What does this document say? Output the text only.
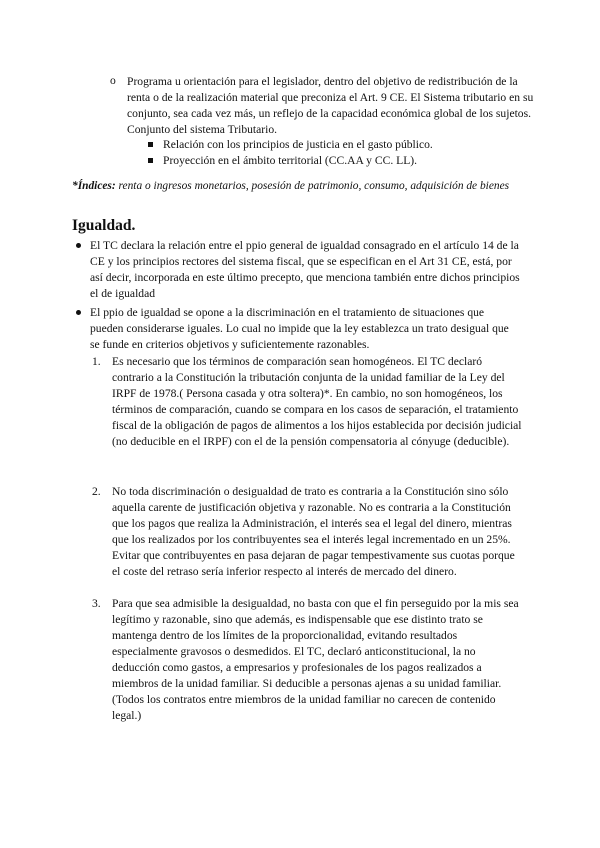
o Programa u orientación para el legislador, dentro del objetivo de redistribución de la renta o de la realización material que preconiza el Art. 9 CE. El Sistema tributario en su conjunto, sea cada vez más, un reflejo de la capacidad económica global de los sujetos. Conjunto del sistema Tributario.
Relación con los principios de justicia en el gasto público.
Proyección en el ámbito territorial (CC.AA y CC. LL).
*Índices: renta o ingresos monetarios, posesión de patrimonio, consumo, adquisición de bienes
Igualdad.
El TC declara la relación entre el ppio general de igualdad consagrado en el artículo 14 de la CE y los principios rectores del sistema fiscal, que se especifican en el Art 31 CE, está, por así decir, incorporada en este último precepto, que menciona también entre dichos principios el de igualdad
El ppio de igualdad se opone a la discriminación en el tratamiento de situaciones que pueden considerarse iguales. Lo cual no impide que la ley establezca un trato desigual que se funde en criterios objetivos y suficientemente razonables.
1. Es necesario que los términos de comparación sean homogéneos. El TC declaró contrario a la Constitución la tributación conjunta de la unidad familiar de la Ley del IRPF de 1978.( Persona casada y otra soltera)*. En cambio, no son homogéneos, los términos de comparación, cuando se compara en los casos de separación, el tratamiento fiscal de la obligación de pagos de alimentos a los hijos establecida por decisión judicial (no deducible en el IRPF) con el de la pensión compensatoria al cónyuge (deducible).
2. No toda discriminación o desigualdad de trato es contraria a la Constitución sino sólo aquella carente de justificación objetiva y razonable. No es contraria a la Constitución que los pagos que realiza la Administración, el interés sea el legal del dinero, mientras que los realizados por los contribuyentes sea el interés legal incrementado en un 25%. Evitar que contribuyentes en pasa dejaran de pagar tempestivamente sus cuotas porque el coste del retraso sería inferior respecto al interés de mercado del dinero.
3. Para que sea admisible la desigualdad, no basta con que el fin perseguido por la mis sea legítimo y razonable, sino que además, es indispensable que ese distinto trato se mantenga dentro de los límites de la proporcionalidad, evitando resultados especialmente gravosos o desmedidos. El TC, declaró anticonstitucional, la no deducción como gastos, a empresarios y profesionales de los pagos realizados a miembros de la unidad familiar. Si deducible a personas ajenas a su unidad familiar.(Todos los contratos entre miembros de la unidad familiar no carecen de contenido legal.)
